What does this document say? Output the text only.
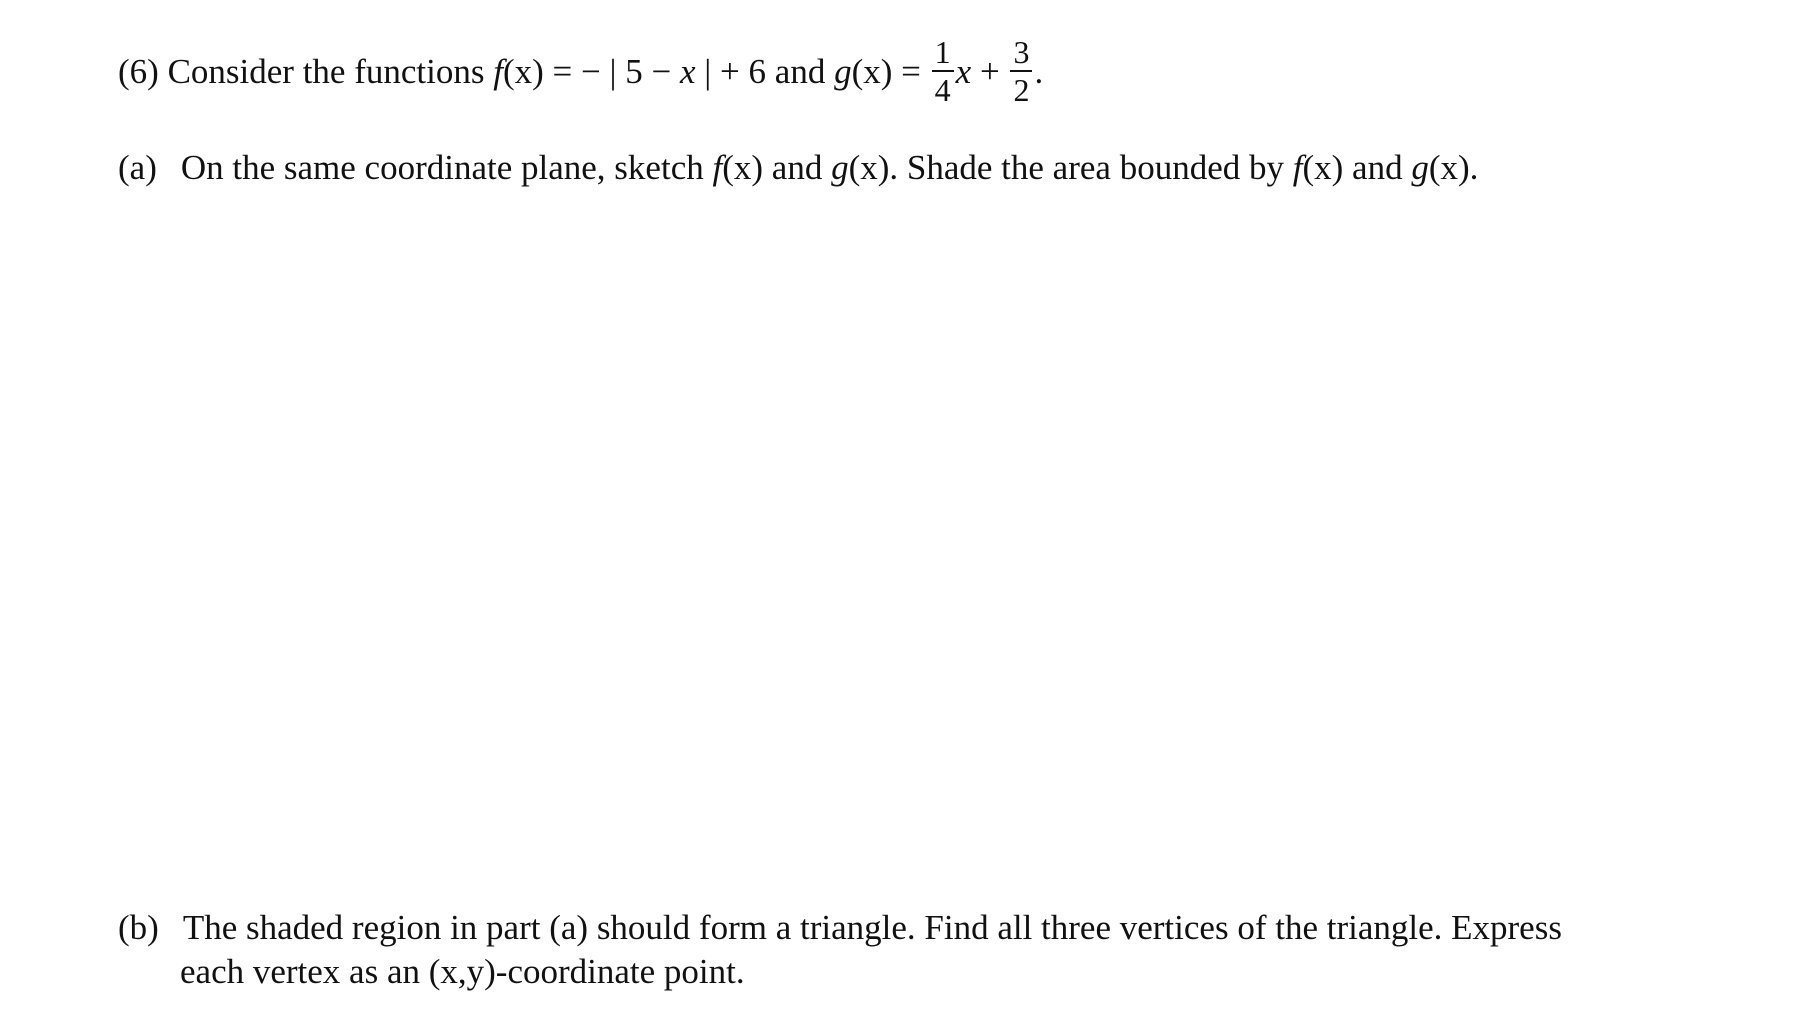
(6) Consider the functions f(x) = − | 5 − x | + 6 and $g(x) = \frac{1}{4}$ $x + \frac{3}{2}$ .
(a) On the same coordinate plane, sketch f(x) and g(x). Shade the area bounded by f(x) and g(x).
(b) The shaded region in part (a) should form a triangle. Find all three vertices of the triangle. Express
each vertex as an (x,y)-coordinate point.
